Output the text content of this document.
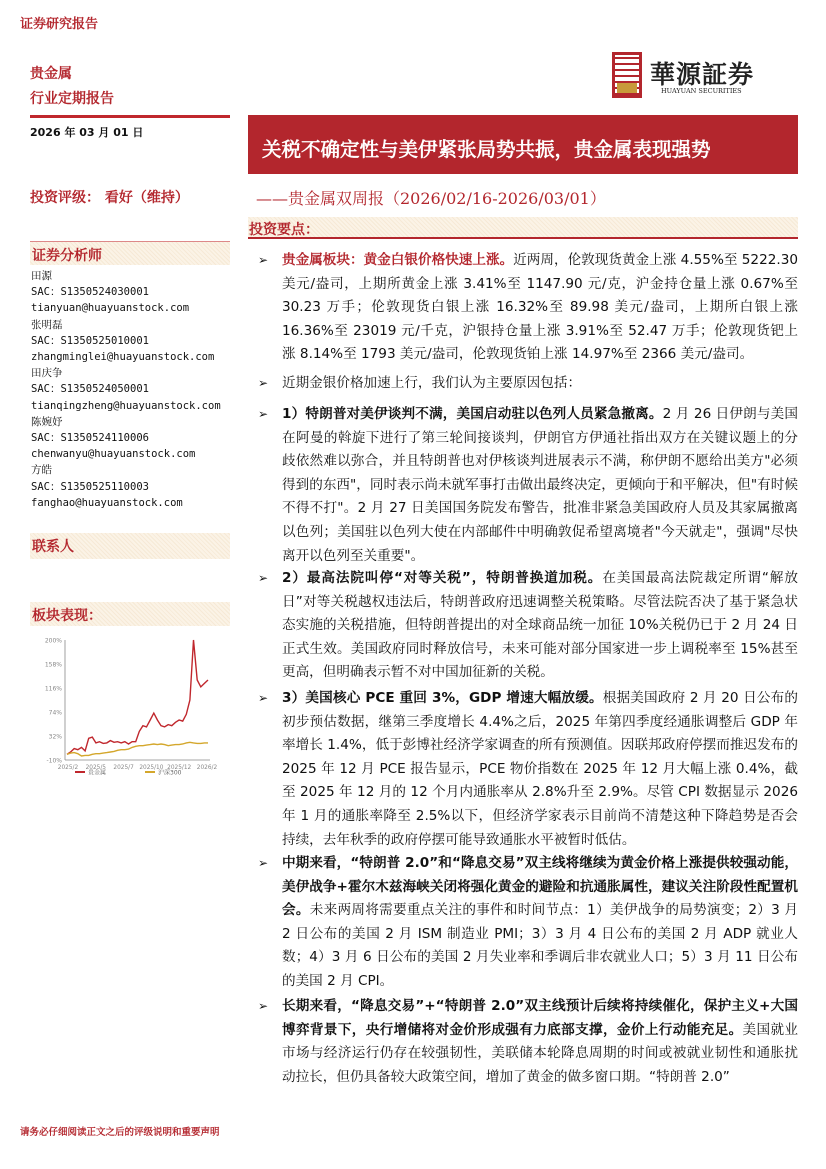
证券研究报告
贵金属
行业定期报告
2026 年 03 月 01 日
投资评级： 看好（维持）
证券分析师
田源
SAC：S1350524030001
tianyuan@huayuanstock.com
张明磊
SAC：S1350525010001
zhangminglei@huayuanstock.com
田庆争
SAC：S1350524050001
tianqingzheng@huayuanstock.com
陈婉妤
SAC：S1350524110006
chenwanyu@huayuanstock.com
方皓
SAC：S1350525110003
fanghao@huayuanstock.com
联系人
板块表现：
200%
158%
116%
74%
32%
-10%
2025/2 2025/5 2025/7 2025/10 2025/12 2026/2
贵金属	沪深300
華源証券
HUAYUAN SECURITIES
关税不确定性与美伊紧张局势共振，贵金属表现强势
——贵金属双周报（2026/02/16-2026/03/01）
投资要点：
➢ 贵金属板块：黄金白银价格快速上涨。近两周，伦敦现货黄金上涨 4.55%至 5222.30 美元/盎司，上期所黄金上涨 3.41%至 1147.90 元/克，沪金持仓量上涨 0.67%至 30.23 万手；伦敦现货白银上涨 16.32%至 89.98 美元/盎司，上期所白银上涨 16.36%至 23019 元/千克，沪银持仓量上涨 3.91%至 52.47 万手；伦敦现货钯上涨 8.14%至 1793 美元/盎司，伦敦现货铂上涨 14.97%至 2366 美元/盎司。
➢ 近期金银价格加速上行，我们认为主要原因包括：
➢ 1）特朗普对美伊谈判不满，美国启动驻以色列人员紧急撤离。2 月 26 日伊朗与美国在阿曼的斡旋下进行了第三轮间接谈判，伊朗官方伊通社指出双方在关键议题上的分歧依然难以弥合，并且特朗普也对伊核谈判进展表示不满，称伊朗不愿给出美方"必须得到的东西"，同时表示尚未就军事打击做出最终决定，更倾向于和平解决，但"有时候不得不打"。2 月 27 日美国国务院发布警告，批准非紧急美国政府人员及其家属撤离以色列；美国驻以色列大使在内部邮件中明确敦促希望离境者"今天就走"，强调"尽快离开以色列至关重要"。
➢ 2）最高法院叫停“对等关税”，特朗普换道加税。在美国最高法院裁定所谓“解放日”对等关税越权违法后，特朗普政府迅速调整关税策略。尽管法院否决了基于紧急状态实施的关税措施，但特朗普提出的对全球商品统一加征 10%关税仍已于 2 月 24 日正式生效。美国政府同时释放信号，未来可能对部分国家进一步上调税率至 15%甚至更高，但明确表示暂不对中国加征新的关税。
➢ 3）美国核心 PCE 重回 3%，GDP 增速大幅放缓。根据美国政府 2 月 20 日公布的初步预估数据，继第三季度增长 4.4%之后，2025 年第四季度经通胀调整后 GDP 年率增长 1.4%，低于彭博社经济学家调查的所有预测值。因联邦政府停摆而推迟发布的 2025 年 12 月 PCE 报告显示，PCE 物价指数在 2025 年 12 月大幅上涨 0.4%，截至 2025 年 12 月的 12 个月内通胀率从 2.8%升至 2.9%。尽管 CPI 数据显示 2026 年 1 月的通胀率降至 2.5%以下，但经济学家表示目前尚不清楚这种下降趋势是否会持续，去年秋季的政府停摆可能导致通胀水平被暂时低估。
➢ 中期来看，“特朗普 2.0”和“降息交易”双主线将继续为黄金价格上涨提供较强动能，美伊战争+霍尔木兹海峡关闭将强化黄金的避险和抗通胀属性，建议关注阶段性配置机会。未来两周将需要重点关注的事件和时间节点：1）美伊战争的局势演变；2）3 月 2 日公布的美国 2 月 ISM 制造业 PMI；3）3 月 4 日公布的美国 2 月 ADP 就业人数；4）3 月 6 日公布的美国 2 月失业率和季调后非农就业人口；5）3 月 11 日公布的美国 2 月 CPI。
➢ 长期来看，“降息交易”+“特朗普 2.0”双主线预计后续将持续催化，保护主义+大国博弈背景下，央行增储将对金价形成强有力底部支撑，金价上行动能充足。美国就业市场与经济运行仍存在较强韧性，美联储本轮降息周期的时间或被就业韧性和通胀扰动拉长，但仍具备较大政策空间，增加了黄金的做多窗口期。“特朗普 2.0”
请务必仔细阅读正文之后的评级说明和重要声明
